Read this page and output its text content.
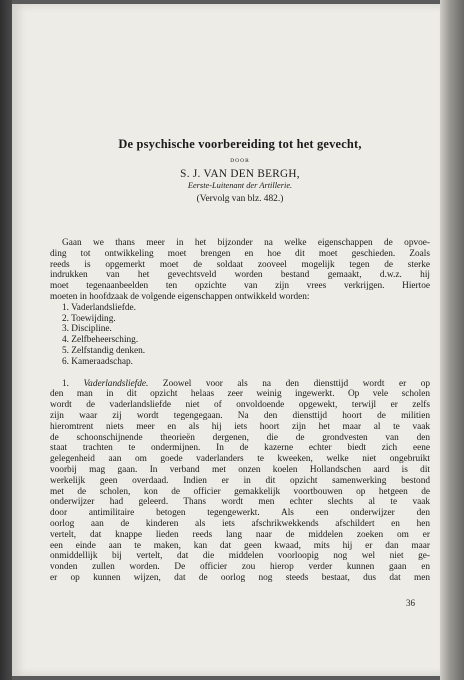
De psychische voorbereiding tot het gevecht,
DOOR
S. J. VAN DEN BERGH,
Eerste-Luitenant der Artillerie.
(Vervolg van blz. 482.)
Gaan we thans meer in het bijzonder na welke eigenschappen de opvoe-
ding tot ontwikkeling moet brengen en hoe dit moet geschieden. Zoals
reeds is opgemerkt moet de soldaat zooveel mogelijk tegen de sterke
indrukken van het gevechtsveld worden bestand gemaakt, d.w.z. hij
moet tegenaanbeelden ten opzichte van zijn vrees verkrijgen. Hiertoe
moeten in hoofdzaak de volgende eigenschappen ontwikkeld worden:
1. Vaderlandsliefde.
2. Toewijding.
3. Discipline.
4. Zelfbeheersching.
5. Zelfstandig denken.
6. Kameraadschap.
1. Vaderlandsliefde. Zoowel voor als na den diensttijd wordt er op
den man in dit opzicht helaas zeer weinig ingewerkt. Op vele scholen
wordt de vaderlandsliefde niet of onvoldoende opgewekt, terwijl er zelfs
zijn waar zij wordt tegengegaan. Na den diensttijd hoort de militien
hieromtrent niets meer en als hij iets hoort zijn het maar al te vaak
de schoonschijnende theorieën dergenen, die de grondvesten van den
staat trachten te ondermijnen. In de kazerne echter biedt zich eene
gelegenheid aan om goede vaderlanders te kweeken, welke niet ongebruikt
voorbij mag gaan. In verband met onzen koelen Hollandschen aard is dit
werkelijk geen overdaad. Indien er in dit opzicht samenwerking bestond
met de scholen, kon de officier gemakkelijk voortbouwen op hetgeen de
onderwijzer had geleerd. Thans wordt men echter slechts al te vaak
door antimilitaire betogen tegengewerkt. Als een onderwijzer den
oorlog aan de kinderen als iets afschrikwekkends afschildert en hen
vertelt, dat knappe lieden reeds lang naar de middelen zoeken om er
een einde aan te maken, kan dat geen kwaad, mits hij er dan maar
onmiddellijk bij vertelt, dat die middelen voorloopig nog wel niet ge-
vonden zullen worden. De officier zou hierop verder kunnen gaan en
er op kunnen wijzen, dat de oorlog nog steeds bestaat, dus dat men
36
